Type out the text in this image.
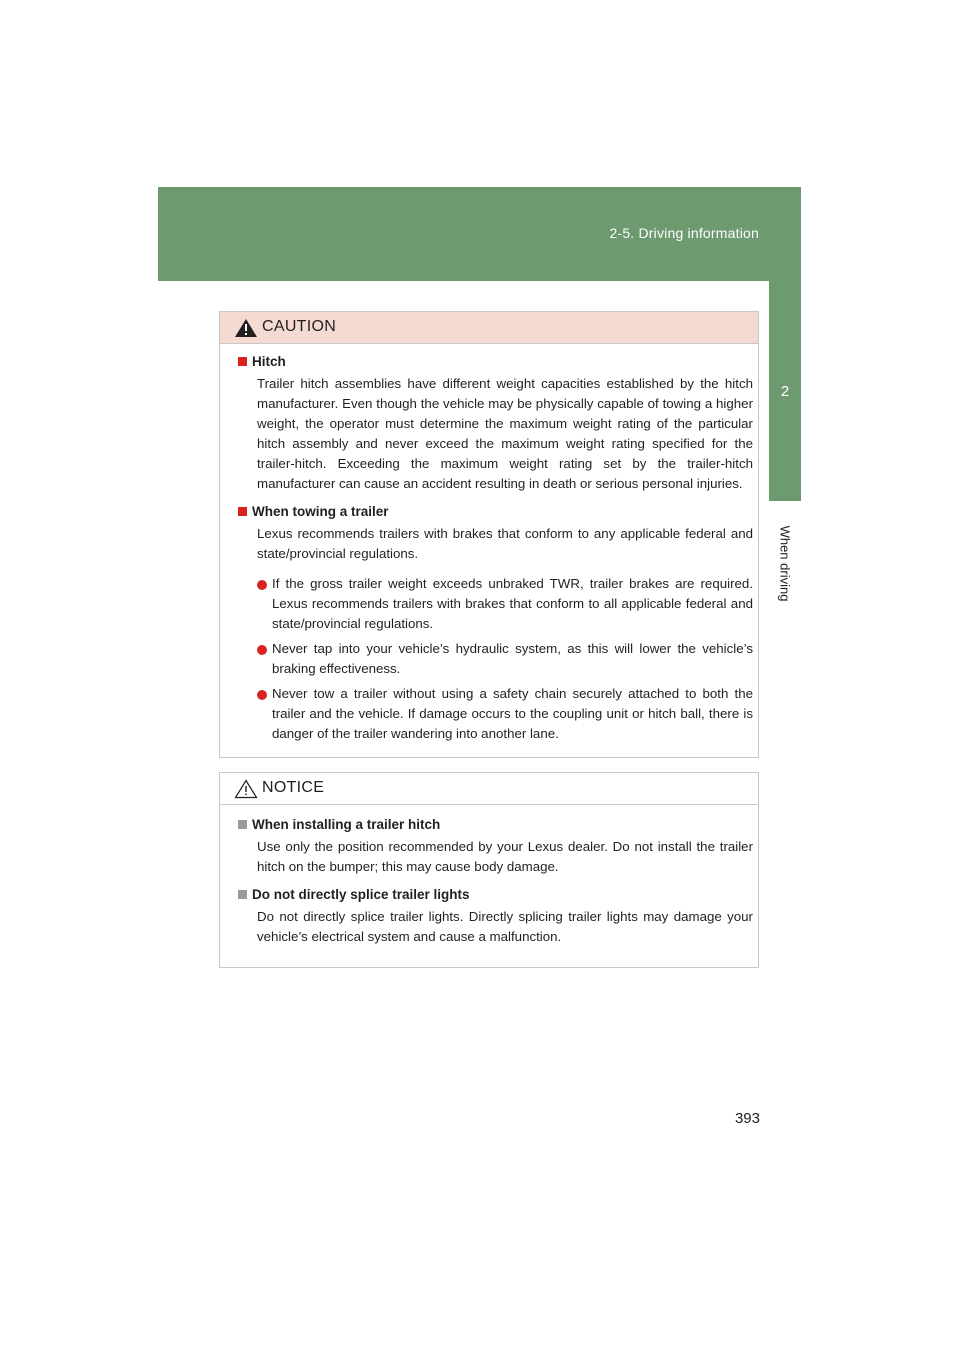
2-5. Driving information
2
When driving
CAUTION
Hitch
Trailer hitch assemblies have different weight capacities established by the hitch manufacturer. Even though the vehicle may be physically capable of towing a higher weight, the operator must determine the maximum weight rating of the particular hitch assembly and never exceed the maximum weight rating specified for the trailer-hitch. Exceeding the maximum weight rating set by the trailer-hitch manufacturer can cause an accident resulting in death or serious personal injuries.
When towing a trailer
Lexus recommends trailers with brakes that conform to any applicable federal and state/provincial regulations.
If the gross trailer weight exceeds unbraked TWR, trailer brakes are required. Lexus recommends trailers with brakes that conform to all applicable federal and state/provincial regulations.
Never tap into your vehicle’s hydraulic system, as this will lower the vehicle’s braking effectiveness.
Never tow a trailer without using a safety chain securely attached to both the trailer and the vehicle. If damage occurs to the coupling unit or hitch ball, there is danger of the trailer wandering into another lane.
NOTICE
When installing a trailer hitch
Use only the position recommended by your Lexus dealer. Do not install the trailer hitch on the bumper; this may cause body damage.
Do not directly splice trailer lights
Do not directly splice trailer lights. Directly splicing trailer lights may damage your vehicle’s electrical system and cause a malfunction.
393
